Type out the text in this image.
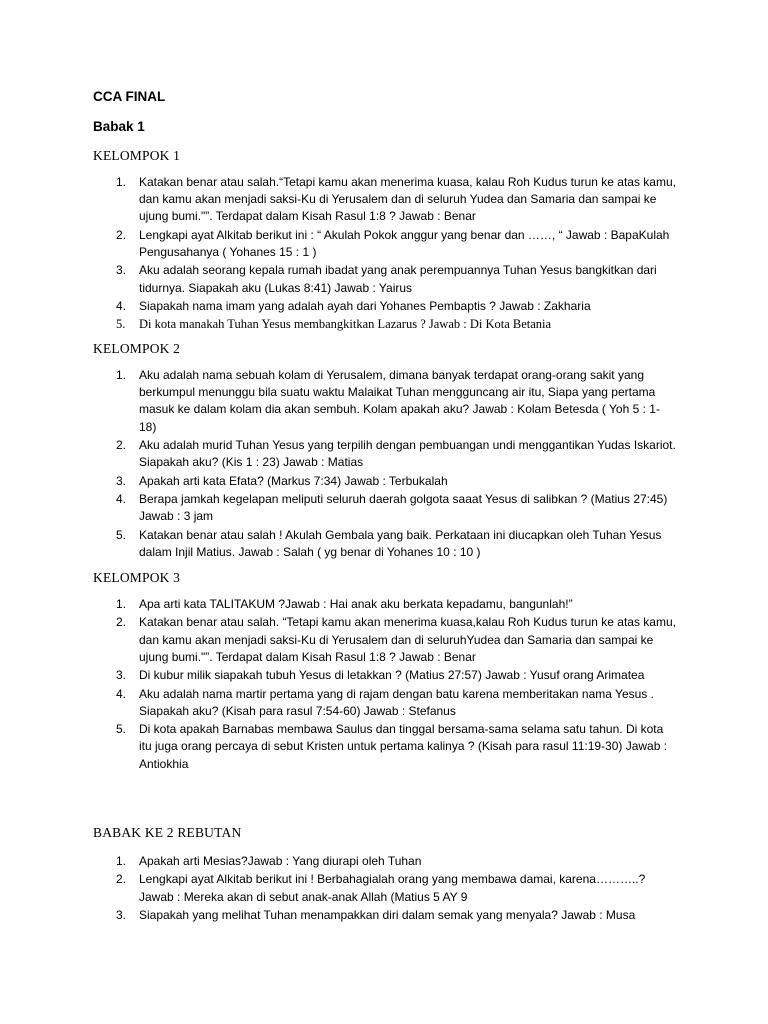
CCA FINAL
Babak 1
KELOMPOK 1
1. Katakan benar atau salah.“Tetapi kamu akan menerima kuasa, kalau Roh Kudus turun ke atas kamu, dan kamu akan menjadi saksi-Ku di Yerusalem dan di seluruh Yudea dan Samaria dan sampai ke ujung bumi."”. Terdapat dalam Kisah Rasul 1:8 ? Jawab : Benar
2. Lengkapi ayat Alkitab berikut ini : “ Akulah Pokok anggur yang benar dan ……, “ Jawab : BapaKulah Pengusahanya ( Yohanes 15 : 1 )
3. Aku adalah seorang kepala rumah ibadat yang anak perempuannya Tuhan Yesus bangkitkan dari tidurnya. Siapakah aku (Lukas 8:41) Jawab : Yairus
4. Siapakah nama imam yang adalah ayah dari Yohanes Pembaptis ? Jawab : Zakharia
5. Di kota manakah Tuhan Yesus membangkitkan Lazarus ? Jawab : Di Kota Betania
KELOMPOK 2
1. Aku adalah nama sebuah kolam di Yerusalem, dimana banyak terdapat orang-orang sakit yang berkumpul menunggu bila suatu waktu Malaikat Tuhan mengguncang air itu, Siapa yang pertama masuk ke dalam kolam dia akan sembuh. Kolam apakah aku? Jawab : Kolam Betesda ( Yoh 5 : 1-18)
2. Aku adalah murid Tuhan Yesus yang terpilih dengan pembuangan undi menggantikan Yudas Iskariot. Siapakah aku? (Kis 1 : 23) Jawab : Matias
3. Apakah arti kata Efata? (Markus 7:34) Jawab : Terbukalah
4. Berapa jamkah kegelapan meliputi seluruh daerah golgota saaat Yesus di salibkan ? (Matius 27:45) Jawab : 3 jam
5. Katakan benar atau salah ! Akulah Gembala yang baik. Perkataan ini diucapkan oleh Tuhan Yesus dalam Injil Matius. Jawab : Salah ( yg benar di Yohanes 10 : 10 )
KELOMPOK 3
1. Apa arti kata TALITAKUM ?Jawab : Hai anak aku berkata kepadamu, bangunlah!”
2. Katakan benar atau salah. “Tetapi kamu akan menerima kuasa,kalau Roh Kudus turun ke atas kamu, dan kamu akan menjadi saksi-Ku di Yerusalem dan di seluruhYudea dan Samaria dan sampai ke ujung bumi."”. Terdapat dalam Kisah Rasul 1:8 ? Jawab : Benar
3. Di kubur milik siapakah tubuh Yesus di letakkan ? (Matius 27:57) Jawab : Yusuf orang Arimatea
4. Aku adalah nama martir pertama yang di rajam dengan batu karena memberitakan nama Yesus . Siapakah aku? (Kisah para rasul 7:54-60) Jawab : Stefanus
5. Di kota apakah Barnabas membawa Saulus dan tinggal bersama-sama selama satu tahun. Di kota itu juga orang percaya di sebut Kristen untuk pertama kalinya ? (Kisah para rasul 11:19-30) Jawab : Antiokhia
BABAK KE 2 REBUTAN
1. Apakah arti Mesias?Jawab : Yang diurapi oleh Tuhan
2. Lengkapi ayat Alkitab berikut ini ! Berbahagialah orang yang membawa damai, karena………..? Jawab : Mereka akan di sebut anak-anak Allah (Matius 5 AY 9
3. Siapakah yang melihat Tuhan menampakkan diri dalam semak yang menyala? Jawab : Musa
